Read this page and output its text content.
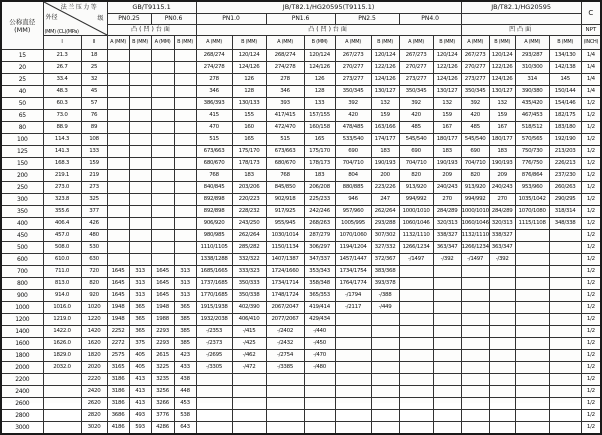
公称直径 (MM)	法兰压力等
级
外径
(MM) (CL)(MPa)		GB/T9115.1				JB/T82.1/HG20595(T9115.1)								JB/T82.1/HG20595				C
			PN0.25		PN0.6		PN1.0		PN1.6		PN2.5		PN4.0						
			凸(凹)台面				凸(凹)台面								凹凸面				NPT
	Ⅰ	Ⅱ	A (MM)	B (MM)	A (MM)	B (MM)	A (MM)	B (MM)	A (MM)	B (MM)	A (MM)	B (MM)	A (MM)	B (MM)	A (MM)	B (MM)	A (MM)	B (MM)	(INCH)
15	21.3	18					268/274	120/124	268/274	120/124	267/273	120/124	267/273	120/124	267/273	120/124	293/287	134/130	1/4
20	26.7	25					274/278	124/126	274/278	124/126	270/277	122/126	270/277	122/126	270/277	122/126	310/300	142/138	1/4
25	33.4	32					278	126	278	126	273/277	124/126	273/277	124/126	273/277	124/126	314	145	1/4
40	48.3	45					346	128	346	128	350/345	130/127	350/345	130/127	350/345	130/127	390/380	150/144	1/4
50	60.3	57					386/393	130/133	393	133	392	132	392	132	392	132	435/420	154/146	1/2
65	73.0	76					415	155	417/415	157/155	420	159	420	159	420	159	467/453	182/175	1/2
80	88.9	89					470	160	472/470	160/158	478/485	163/166	485	167	485	167	518/512	183/180	1/2
100	114.3	108					515	165	515	165	533/540	174/177	545/540	180/177	545/540	180/177	570/565	192/190	1/2
125	141.3	133					673/663	175/170	673/663	175/170	690	183	690	183	690	183	750/730	213/203	1/2
150	168.3	159					680/670	178/173	680/670	178/173	704/710	190/193	704/710	190/193	704/710	190/193	776/750	226/213	1/2
200	219.1	219					768	183	768	183	804	200	820	209	820	209	876/864	237/230	1/2
250	273.0	273					840/845	203/206	845/850	206/208	880/885	223/226	913/920	240/243	913/920	240/243	953/960	260/263	1/2
300	323.8	325					892/898	220/223	902/918	225/233	946	247	994/992	270	994/992	270	1035/1042	290/295	1/2
350	355.6	377					892/898	228/232	917/925	242/246	957/960	262/264	1000/1010	284/289	1000/1010	284/289	1070/1080	318/314	1/2
400	406.4	426					906/920	243/250	955/945	268/263	1005/995	293/288	1060/1046	320/313	1060/1046	320/313	1115/1108	348/338	1/2
450	457.0	480					980/985	262/264	1030/1014	287/279	1070/1060	307/302	1132/1110	338/327	1132/1110	338/327			1/2
500	508.0	530					1110/1105	285/282	1150/1134	306/297	1194/1204	327/332	1266/1234	363/347	1266/1234	363/347			1/2
600	610.0	630					1338/1288	332/322	1407/1387	347/337	1457/1447	372/367	-/1497	-/392	-/1497	-/392			1/2
700	711.0	720	1645	313	1645	313	1685/1665	333/323	1724/1660	353/343	1734/1754	383/368							1/2
800	813.0	820	1645	313	1645	313	1737/1685	350/333	1734/1714	358/348	1764/1774	393/378							1/2
900	914.0	920	1645	313	1645	313	1770/1685	350/338	1748/1724	365/353	-/1794	-/388							1/2
1000	1016.0	1020	1948	365	1948	365	1915/1938	402/390	2067/2047	419/414	-/2117	-/449							1/2
1200	1219.0	1220	1948	365	1988	385	1932/2038	406/410	2077/2067	429/434									1/2
1400	1422.0	1420	2252	365	2293	385	-/2353	-/415	-/2402	-/440									1/2
1600	1626.0	1620	2272	375	2293	385	-/2373	-/425	-/2432	-/450									1/2
1800	1829.0	1820	2575	405	2615	423	-/2695	-/462	-/2754	-/470									1/2
2000	2032.0	2020	3165	405	3225	433	-/3305	-/472	-/3385	-/480									1/2
2200		2220	3186	413	3235	438													1/2
2400		2420	3186	413	3256	448													1/2
2600		2620	3186	413	3266	453													1/2
2800		2820	3686	493	3776	538													1/2
3000		3020	4186	593	4286	643													1/2
